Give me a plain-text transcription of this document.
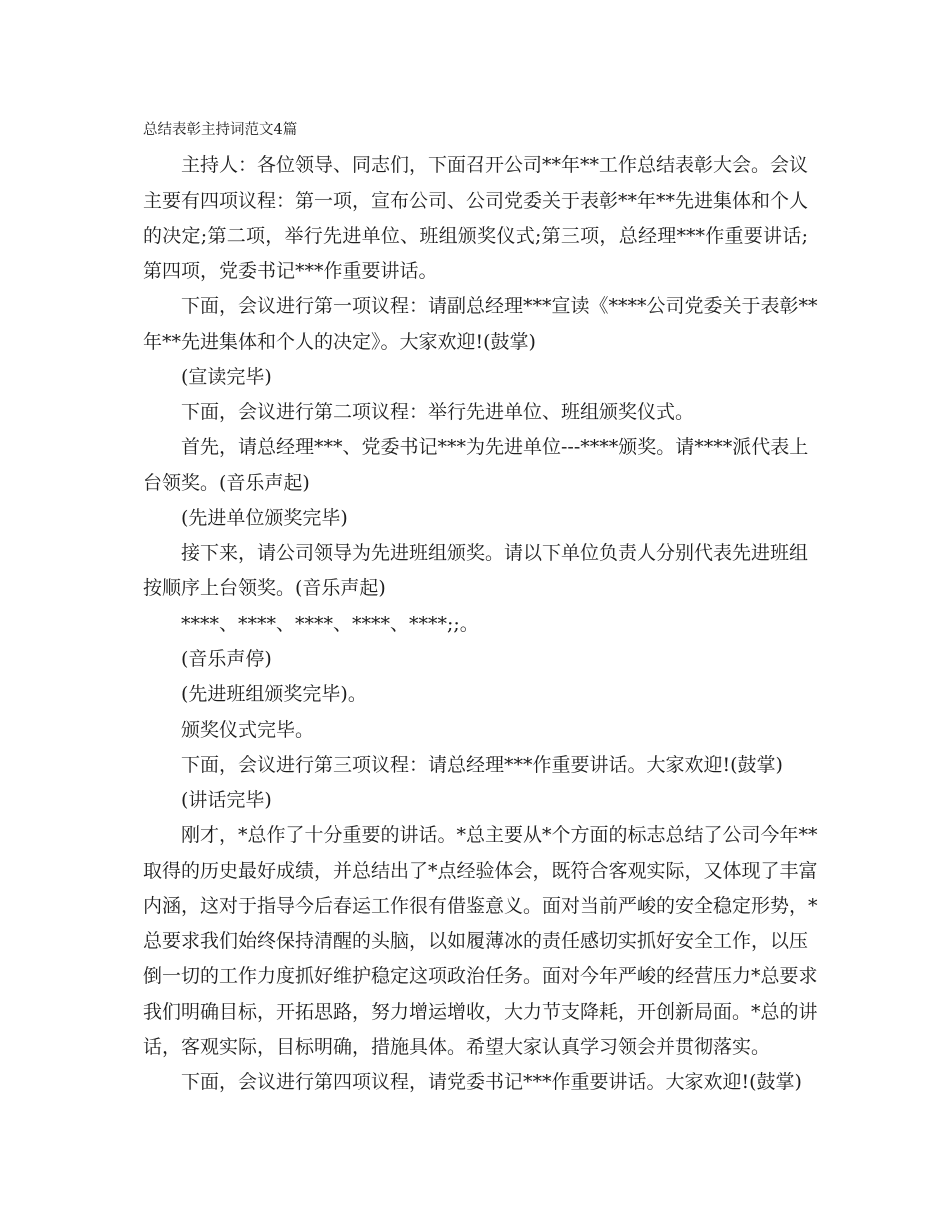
总结表彰主持词范文4篇
主持人：各位领导、同志们，下面召开公司**年**工作总结表彰大会。会议
主要有四项议程：第一项，宣布公司、公司党委关于表彰**年**先进集体和个人
的决定;第二项，举行先进单位、班组颁奖仪式;第三项，总经理***作重要讲话;
第四项，党委书记***作重要讲话。
下面，会议进行第一项议程：请副总经理***宣读《****公司党委关于表彰**
年**先进集体和个人的决定》。大家欢迎!(鼓掌)
(宣读完毕)
下面，会议进行第二项议程：举行先进单位、班组颁奖仪式。
首先，请总经理***、党委书记***为先进单位---****颁奖。请****派代表上
台领奖。(音乐声起)
(先进单位颁奖完毕)
接下来，请公司领导为先进班组颁奖。请以下单位负责人分别代表先进班组
按顺序上台领奖。(音乐声起)
****、****、****、****、****;;。
(音乐声停)
(先进班组颁奖完毕)。
颁奖仪式完毕。
下面，会议进行第三项议程：请总经理***作重要讲话。大家欢迎!(鼓掌)
(讲话完毕)
刚才，*总作了十分重要的讲话。*总主要从*个方面的标志总结了公司今年**
取得的历史最好成绩，并总结出了*点经验体会，既符合客观实际，又体现了丰富
内涵，这对于指导今后春运工作很有借鉴意义。面对当前严峻的安全稳定形势，*
总要求我们始终保持清醒的头脑，以如履薄冰的责任感切实抓好安全工作，以压
倒一切的工作力度抓好维护稳定这项政治任务。面对今年严峻的经营压力*总要求
我们明确目标，开拓思路，努力增运增收，大力节支降耗，开创新局面。*总的讲
话，客观实际，目标明确，措施具体。希望大家认真学习领会并贯彻落实。
下面，会议进行第四项议程，请党委书记***作重要讲话。大家欢迎!(鼓掌)
